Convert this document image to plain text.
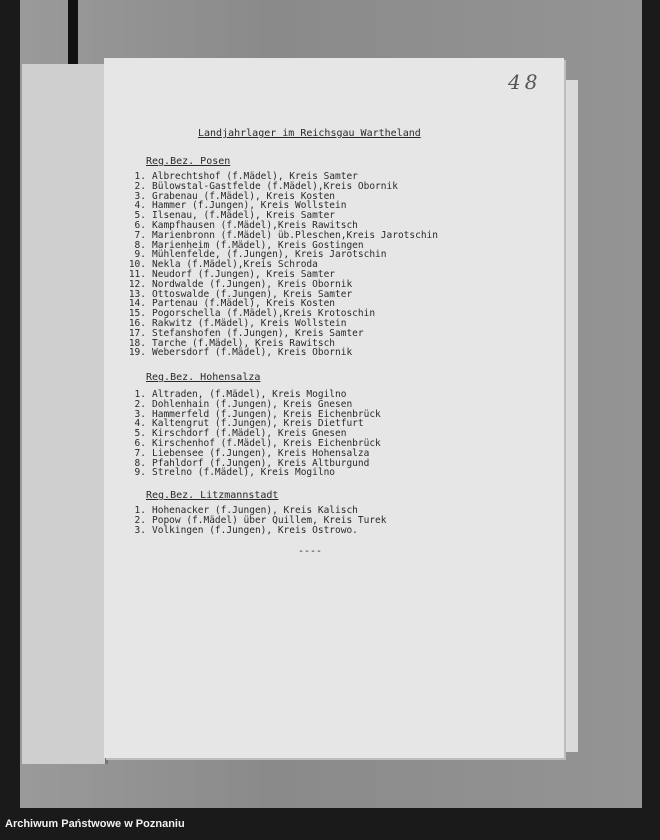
48
Landjahrlager im Reichsgau Wartheland
Reg.Bez. Posen
1. Albrechtshof (f.Mädel), Kreis Samter
2. Bülowstal-Gastfelde (f.Mädel),Kreis Obornik
3. Grabenau (f.Mädel), Kreis Kosten
4. Hammer (f.Jungen), Kreis Wollstein
5. Ilsenau, (f.Mädel), Kreis Samter
6. Kampfhausen (f.Mädel),Kreis Rawitsch
7. Marienbronn (f.Mädel) üb.Pleschen,Kreis Jarotschin
8. Marienheim (f.Mädel), Kreis Gostingen
9. Mühlenfelde, (f.Jungen), Kreis Jarotschin
10. Nekla (f.Mädel),Kreis Schroda
11. Neudorf (f.Jungen), Kreis Samter
12. Nordwalde (f.Jungen), Kreis Obornik
13. Ottoswalde (f.Jungen), Kreis Samter
14. Partenau (f.Mädel), Kreis Kosten
15. Pogorschella (f.Mädel),Kreis Krotoschin
16. Rakwitz (f.Mädel), Kreis Wollstein
17. Stefanshofen (f.Jungen), Kreis Samter
18. Tarche (f.Mädel), Kreis Rawitsch
19. Webersdorf (f.Mädel), Kreis Obornik
Reg.Bez. Hohensalza
1. Altraden, (f.Mädel), Kreis Mogilno
2. Dohlenhain (f.Jungen), Kreis Gnesen
3. Hammerfeld (f.Jungen), Kreis Eichenbrück
4. Kaltengrut (f.Jungen), Kreis Dietfurt
5. Kirschdorf (f.Mädel), Kreis Gnesen
6. Kirschenhof (f.Mädel), Kreis Eichenbrück
7. Liebensee (f.Jungen), Kreis Hohensalza
8. Pfahldorf (f.Jungen), Kreis Altburgund
9. Strelno (f.Mädel), Kreis Mogilno
Reg.Bez. Litzmannstadt
1. Hohenacker (f.Jungen), Kreis Kalisch
2. Popow (f.Mädel) über Quillem, Kreis Turek
3. Volkingen (f.Jungen), Kreis Ostrowo.
----
Archiwum Państwowe w Poznaniu
